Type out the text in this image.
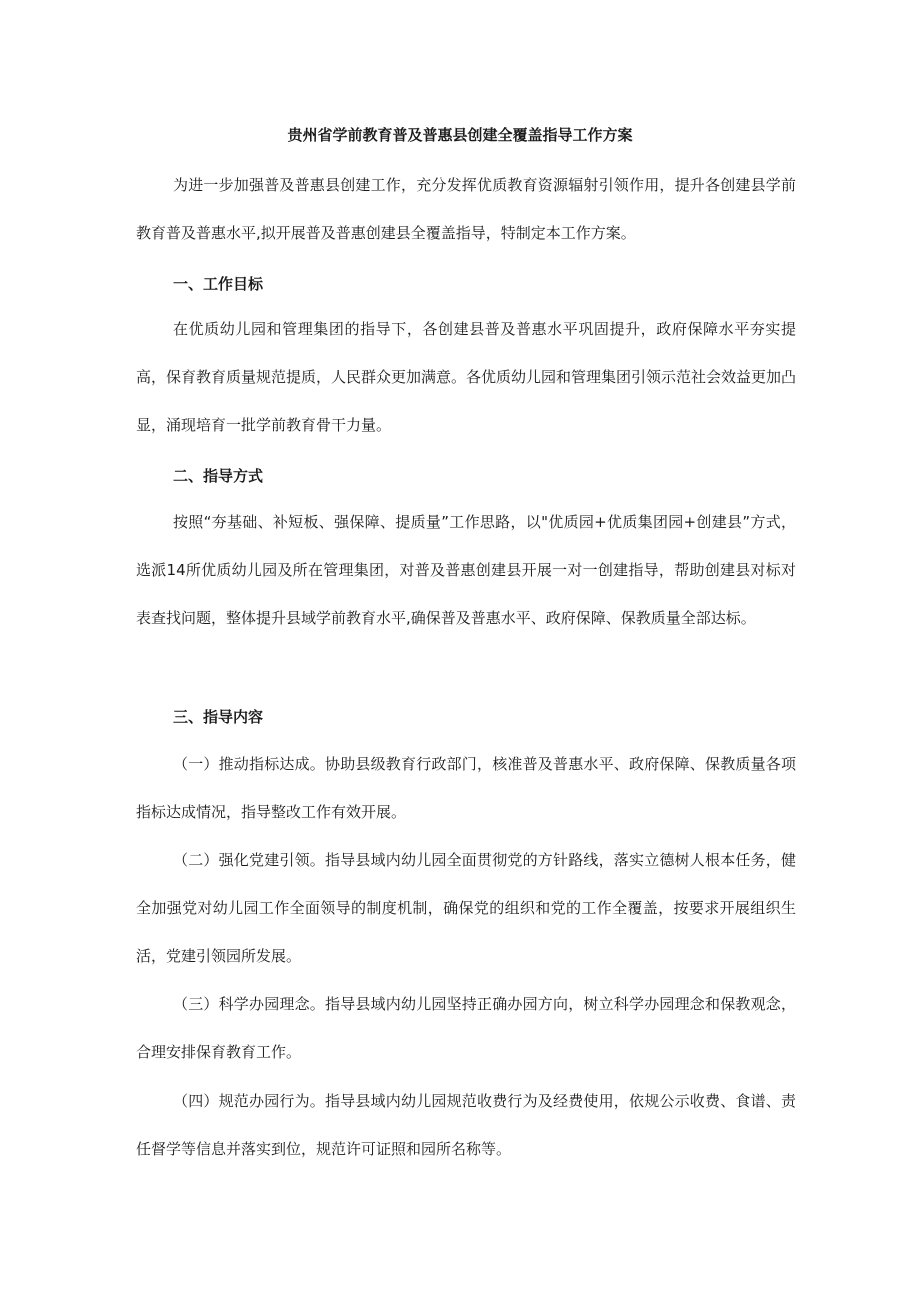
贵州省学前教育普及普惠县创建全覆盖指导工作方案
为进一步加强普及普惠县创建工作，充分发挥优质教育资源辐射引领作用，提升各创建县学前教育普及普惠水平,拟开展普及普惠创建县全覆盖指导，特制定本工作方案。
一、工作目标
在优质幼儿园和管理集团的指导下，各创建县普及普惠水平巩固提升，政府保障水平夯实提高，保育教育质量规范提质，人民群众更加满意。各优质幼儿园和管理集团引领示范社会效益更加凸显，涌现培育一批学前教育骨干力量。
二、指导方式
按照“夯基础、补短板、强保障、提质量”工作思路，以"优质园+优质集团园+创建县”方式，选派14所优质幼儿园及所在管理集团，对普及普惠创建县开展一对一创建指导，帮助创建县对标对表查找问题，整体提升县域学前教育水平,确保普及普惠水平、政府保障、保教质量全部达标。
三、指导内容
（一）推动指标达成。协助县级教育行政部门，核准普及普惠水平、政府保障、保教质量各项指标达成情况，指导整改工作有效开展。
（二）强化党建引领。指导县域内幼儿园全面贯彻党的方针路线，落实立德树人根本任务，健全加强党对幼儿园工作全面领导的制度机制，确保党的组织和党的工作全覆盖，按要求开展组织生活，党建引领园所发展。
（三）科学办园理念。指导县域内幼儿园坚持正确办园方向，树立科学办园理念和保教观念，合理安排保育教育工作。
（四）规范办园行为。指导县域内幼儿园规范收费行为及经费使用，依规公示收费、食谱、责任督学等信息并落实到位，规范许可证照和园所名称等。
